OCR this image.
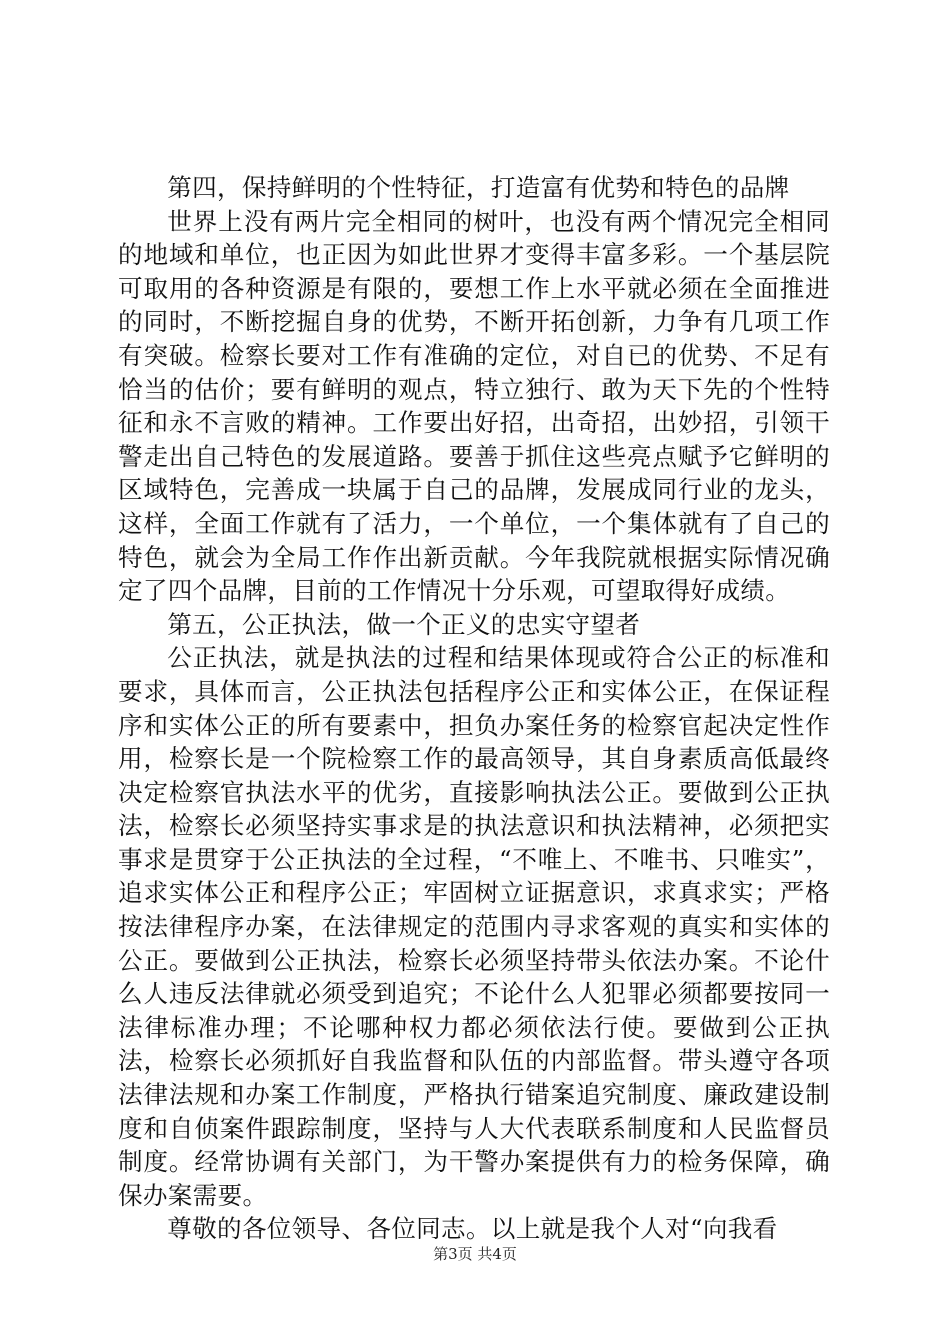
第四，保持鲜明的个性特征，打造富有优势和特色的品牌

世界上没有两片完全相同的树叶，也没有两个情况完全相同的地域和单位，也正因为如此世界才变得丰富多彩。一个基层院可取用的各种资源是有限的，要想工作上水平就必须在全面推进的同时，不断挖掘自身的优势，不断开拓创新，力争有几项工作有突破。检察长要对工作有准确的定位，对自已的优势、不足有恰当的估价；要有鲜明的观点，特立独行、敢为天下先的个性特征和永不言败的精神。工作要出好招，出奇招，出妙招，引领干警走出自己特色的发展道路。要善于抓住这些亮点赋予它鲜明的区域特色，完善成一块属于自己的品牌，发展成同行业的龙头，这样，全面工作就有了活力，一个单位，一个集体就有了自己的特色，就会为全局工作作出新贡献。今年我院就根据实际情况确定了四个品牌，目前的工作情况十分乐观，可望取得好成绩。

第五，公正执法，做一个正义的忠实守望者

公正执法，就是执法的过程和结果体现或符合公正的标准和要求，具体而言，公正执法包括程序公正和实体公正，在保证程序和实体公正的所有要素中，担负办案任务的检察官起决定性作用，检察长是一个院检察工作的最高领导，其自身素质高低最终决定检察官执法水平的优劣，直接影响执法公正。要做到公正执法，检察长必须坚持实事求是的执法意识和执法精神，必须把实事求是贯穿于公正执法的全过程，“不唯上、不唯书、只唯实”，追求实体公正和程序公正；牢固树立证据意识，求真求实；严格按法律程序办案，在法律规定的范围内寻求客观的真实和实体的公正。要做到公正执法，检察长必须坚持带头依法办案。不论什么人违反法律就必须受到追究；不论什么人犯罪必须都要按同一法律标准办理；不论哪种权力都必须依法行使。要做到公正执法，检察长必须抓好自我监督和队伍的内部监督。带头遵守各项法律法规和办案工作制度，严格执行错案追究制度、廉政建设制度和自侦案件跟踪制度，坚持与人大代表联系制度和人民监督员制度。经常协调有关部门，为干警办案提供有力的检务保障，确保办案需要。

尊敬的各位领导、各位同志。以上就是我个人对“向我看

第3页 共4页
